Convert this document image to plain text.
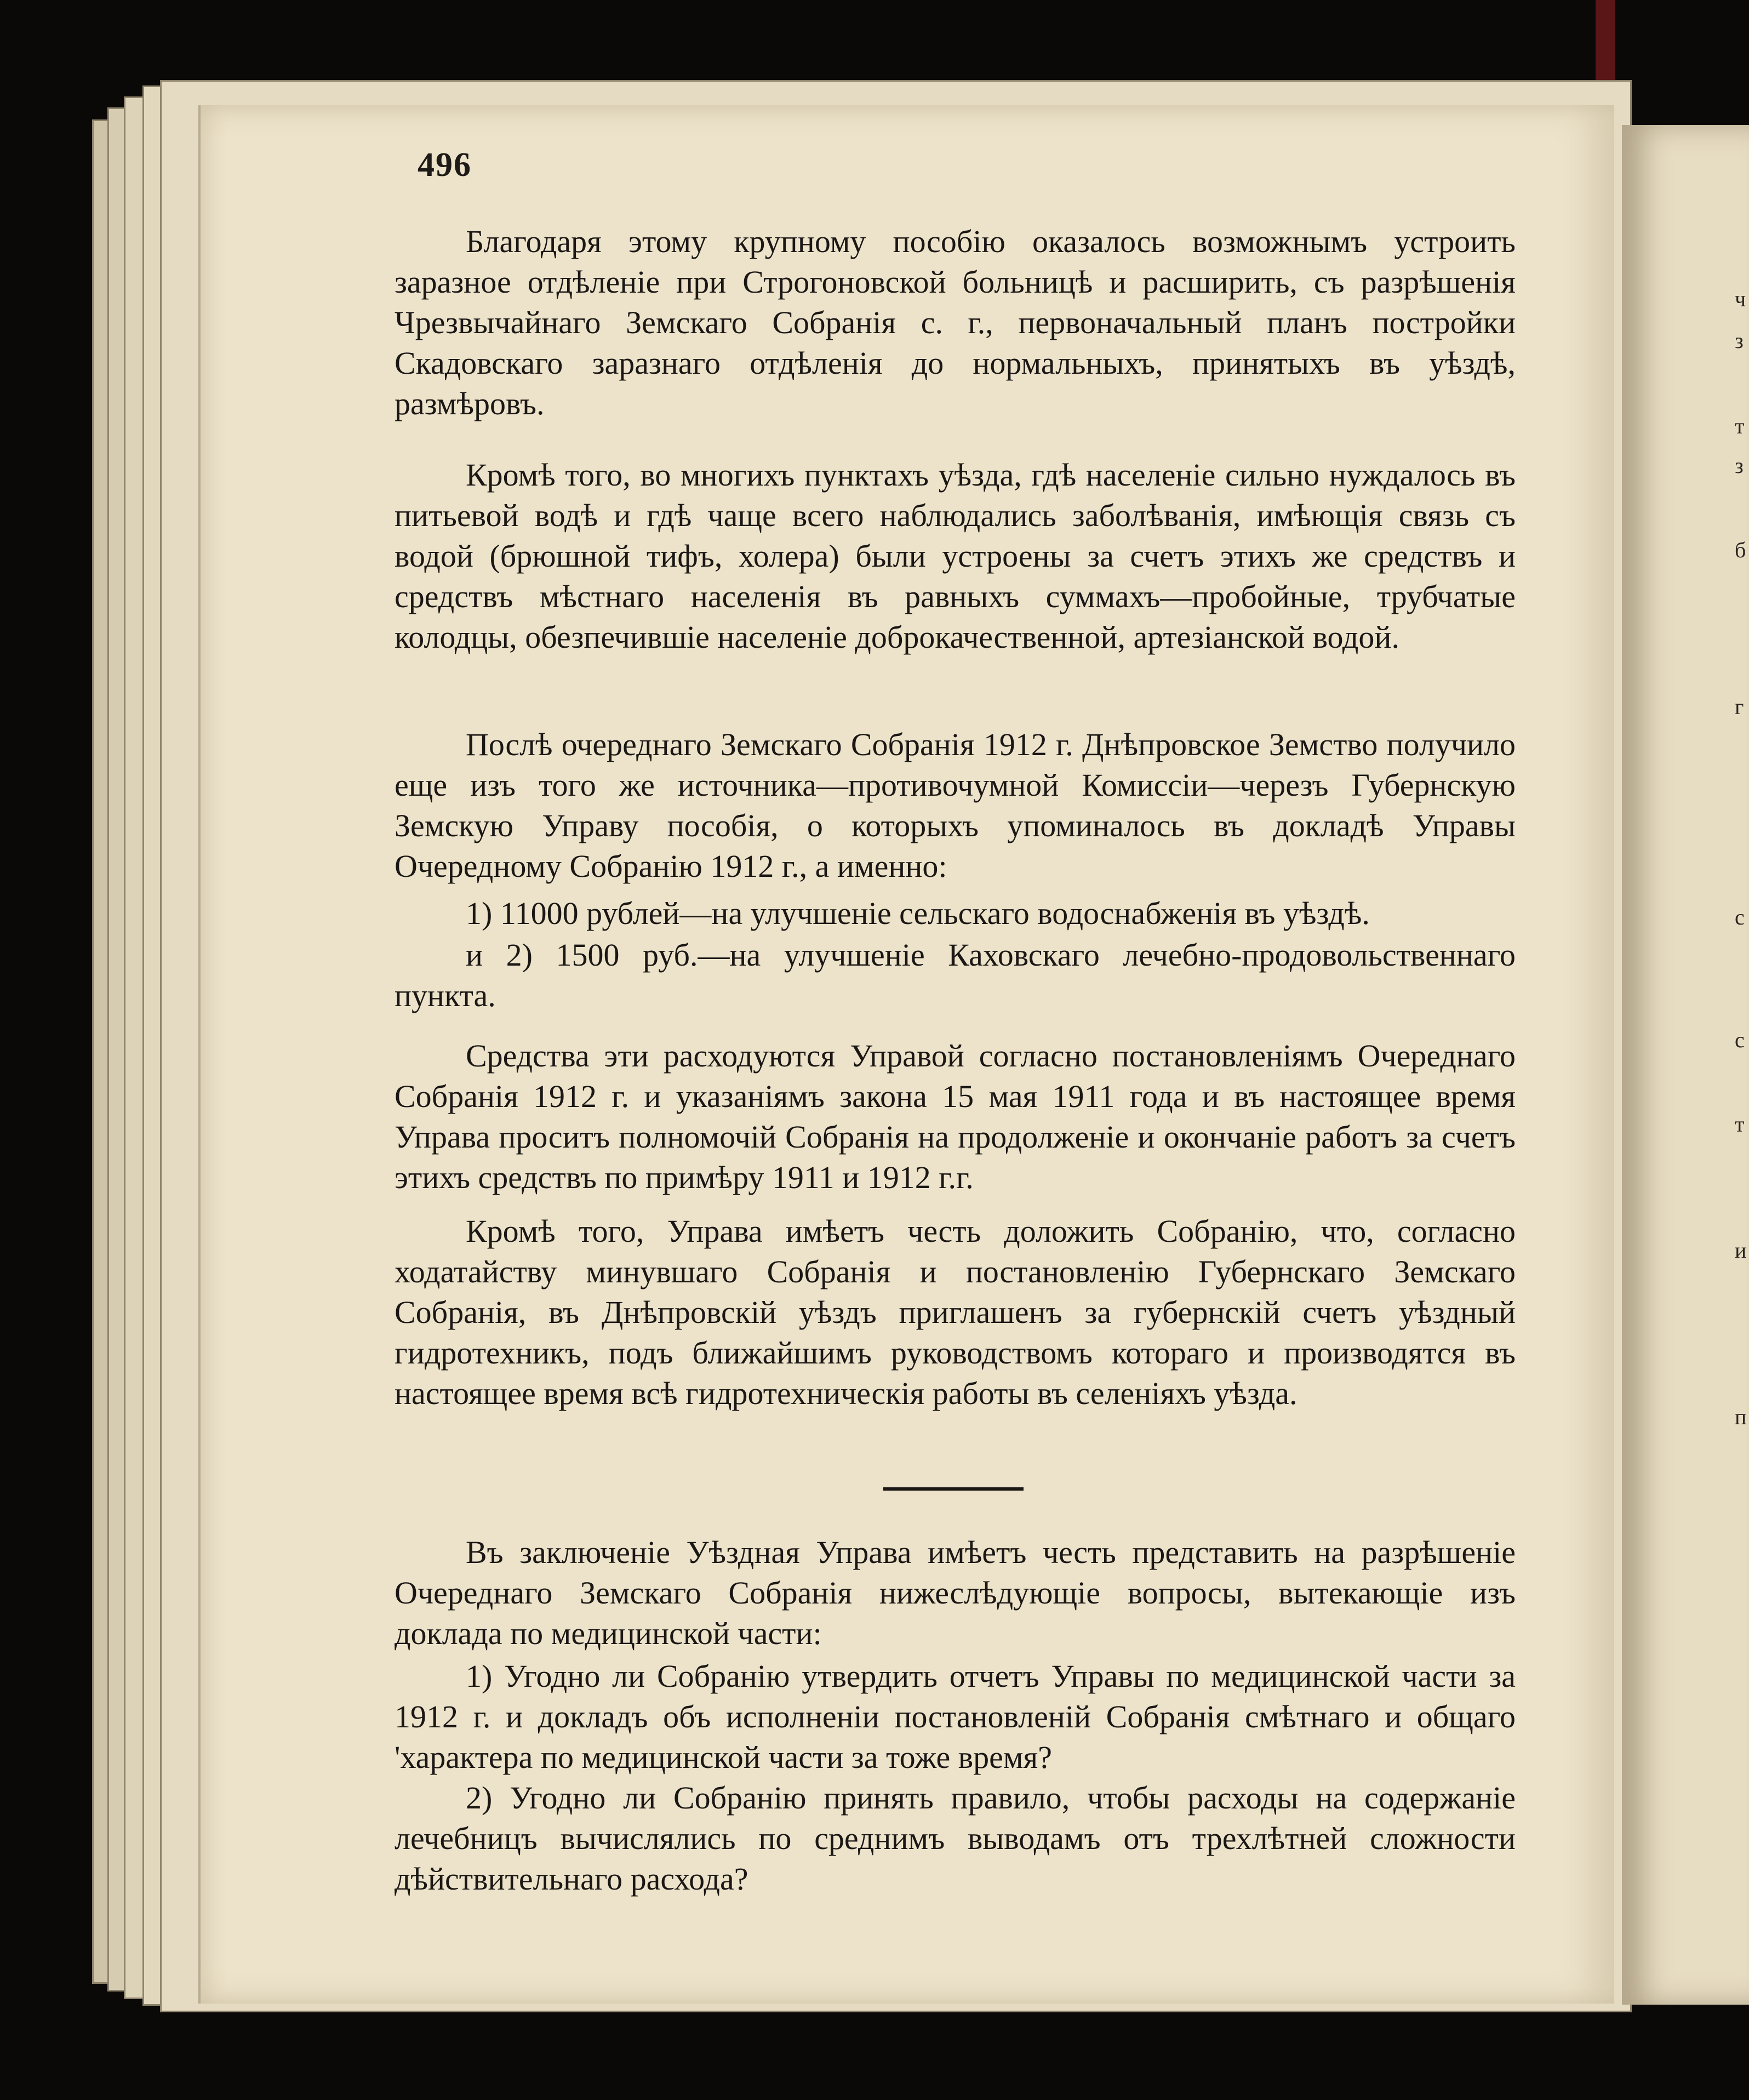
ч
з
т
з
б
г
с
с
т
и
п
496

Благодаря этому крупному пособію оказалось возможнымъ устроить заразное отдѣленіе при Строгоновской больницѣ и расширить, съ разрѣшенія Чрезвычайнаго Земскаго Собранія с. г., первоначальный планъ постройки Скадовскаго заразнаго отдѣленія до нормальныхъ, принятыхъ въ уѣздѣ, размѣровъ.

Кромѣ того, во многихъ пунктахъ уѣзда, гдѣ населеніе сильно нуждалось въ питьевой водѣ и гдѣ чаще всего наблюдались заболѣванія, имѣющія связь съ водой (брюшной тифъ, холера) были устроены за счетъ этихъ же средствъ и средствъ мѣстнаго населенія въ равныхъ суммахъ—пробойные, трубчатые колодцы, обезпечившіе населеніе доброкачественной, артезіанской водой.

Послѣ очереднаго Земскаго Собранія 1912 г. Днѣпровское Земство получило еще изъ того же источника—противочумной Комиссіи—черезъ Губернскую Земскую Управу пособія, о которыхъ упоминалось въ докладѣ Управы Очередному Собранію 1912 г., а именно:

1) 11000 рублей—на улучшеніе сельскаго водоснабженія въ уѣздѣ.

и 2) 1500 руб.—на улучшеніе Каховскаго лечебно-продовольственнаго пункта.

Средства эти расходуются Управой согласно постановленіямъ Очереднаго Собранія 1912 г. и указаніямъ закона 15 мая 1911 года и въ настоящее время Управа проситъ полномочій Собранія на продолженіе и окончаніе работъ за счетъ этихъ средствъ по примѣру 1911 и 1912 г.г.

Кромѣ того, Управа имѣетъ честь доложить Собранію, что, согласно ходатайству минувшаго Собранія и постановленію Губернскаго Земскаго Собранія, въ Днѣпровскій уѣздъ приглашенъ за губернскій счетъ уѣздный гидротехникъ, подъ ближайшимъ руководствомъ котораго и производятся въ настоящее время всѣ гидротехническія работы въ селеніяхъ уѣзда.

Въ заключеніе Уѣздная Управа имѣетъ честь представить на разрѣшеніе Очереднаго Земскаго Собранія нижеслѣдующіе вопросы, вытекающіе изъ доклада по медицинской части:

1) Угодно ли Собранію утвердить отчетъ Управы по медицинской части за 1912 г. и докладъ объ исполненіи постановленій Собранія смѣтнаго и общаго 'характера по медицинской части за тоже время?

2) Угодно ли Собранію принять правило, чтобы расходы на содержаніе лечебницъ вычислялись по среднимъ выводамъ отъ трехлѣтней сложности дѣйствительнаго расхода?
